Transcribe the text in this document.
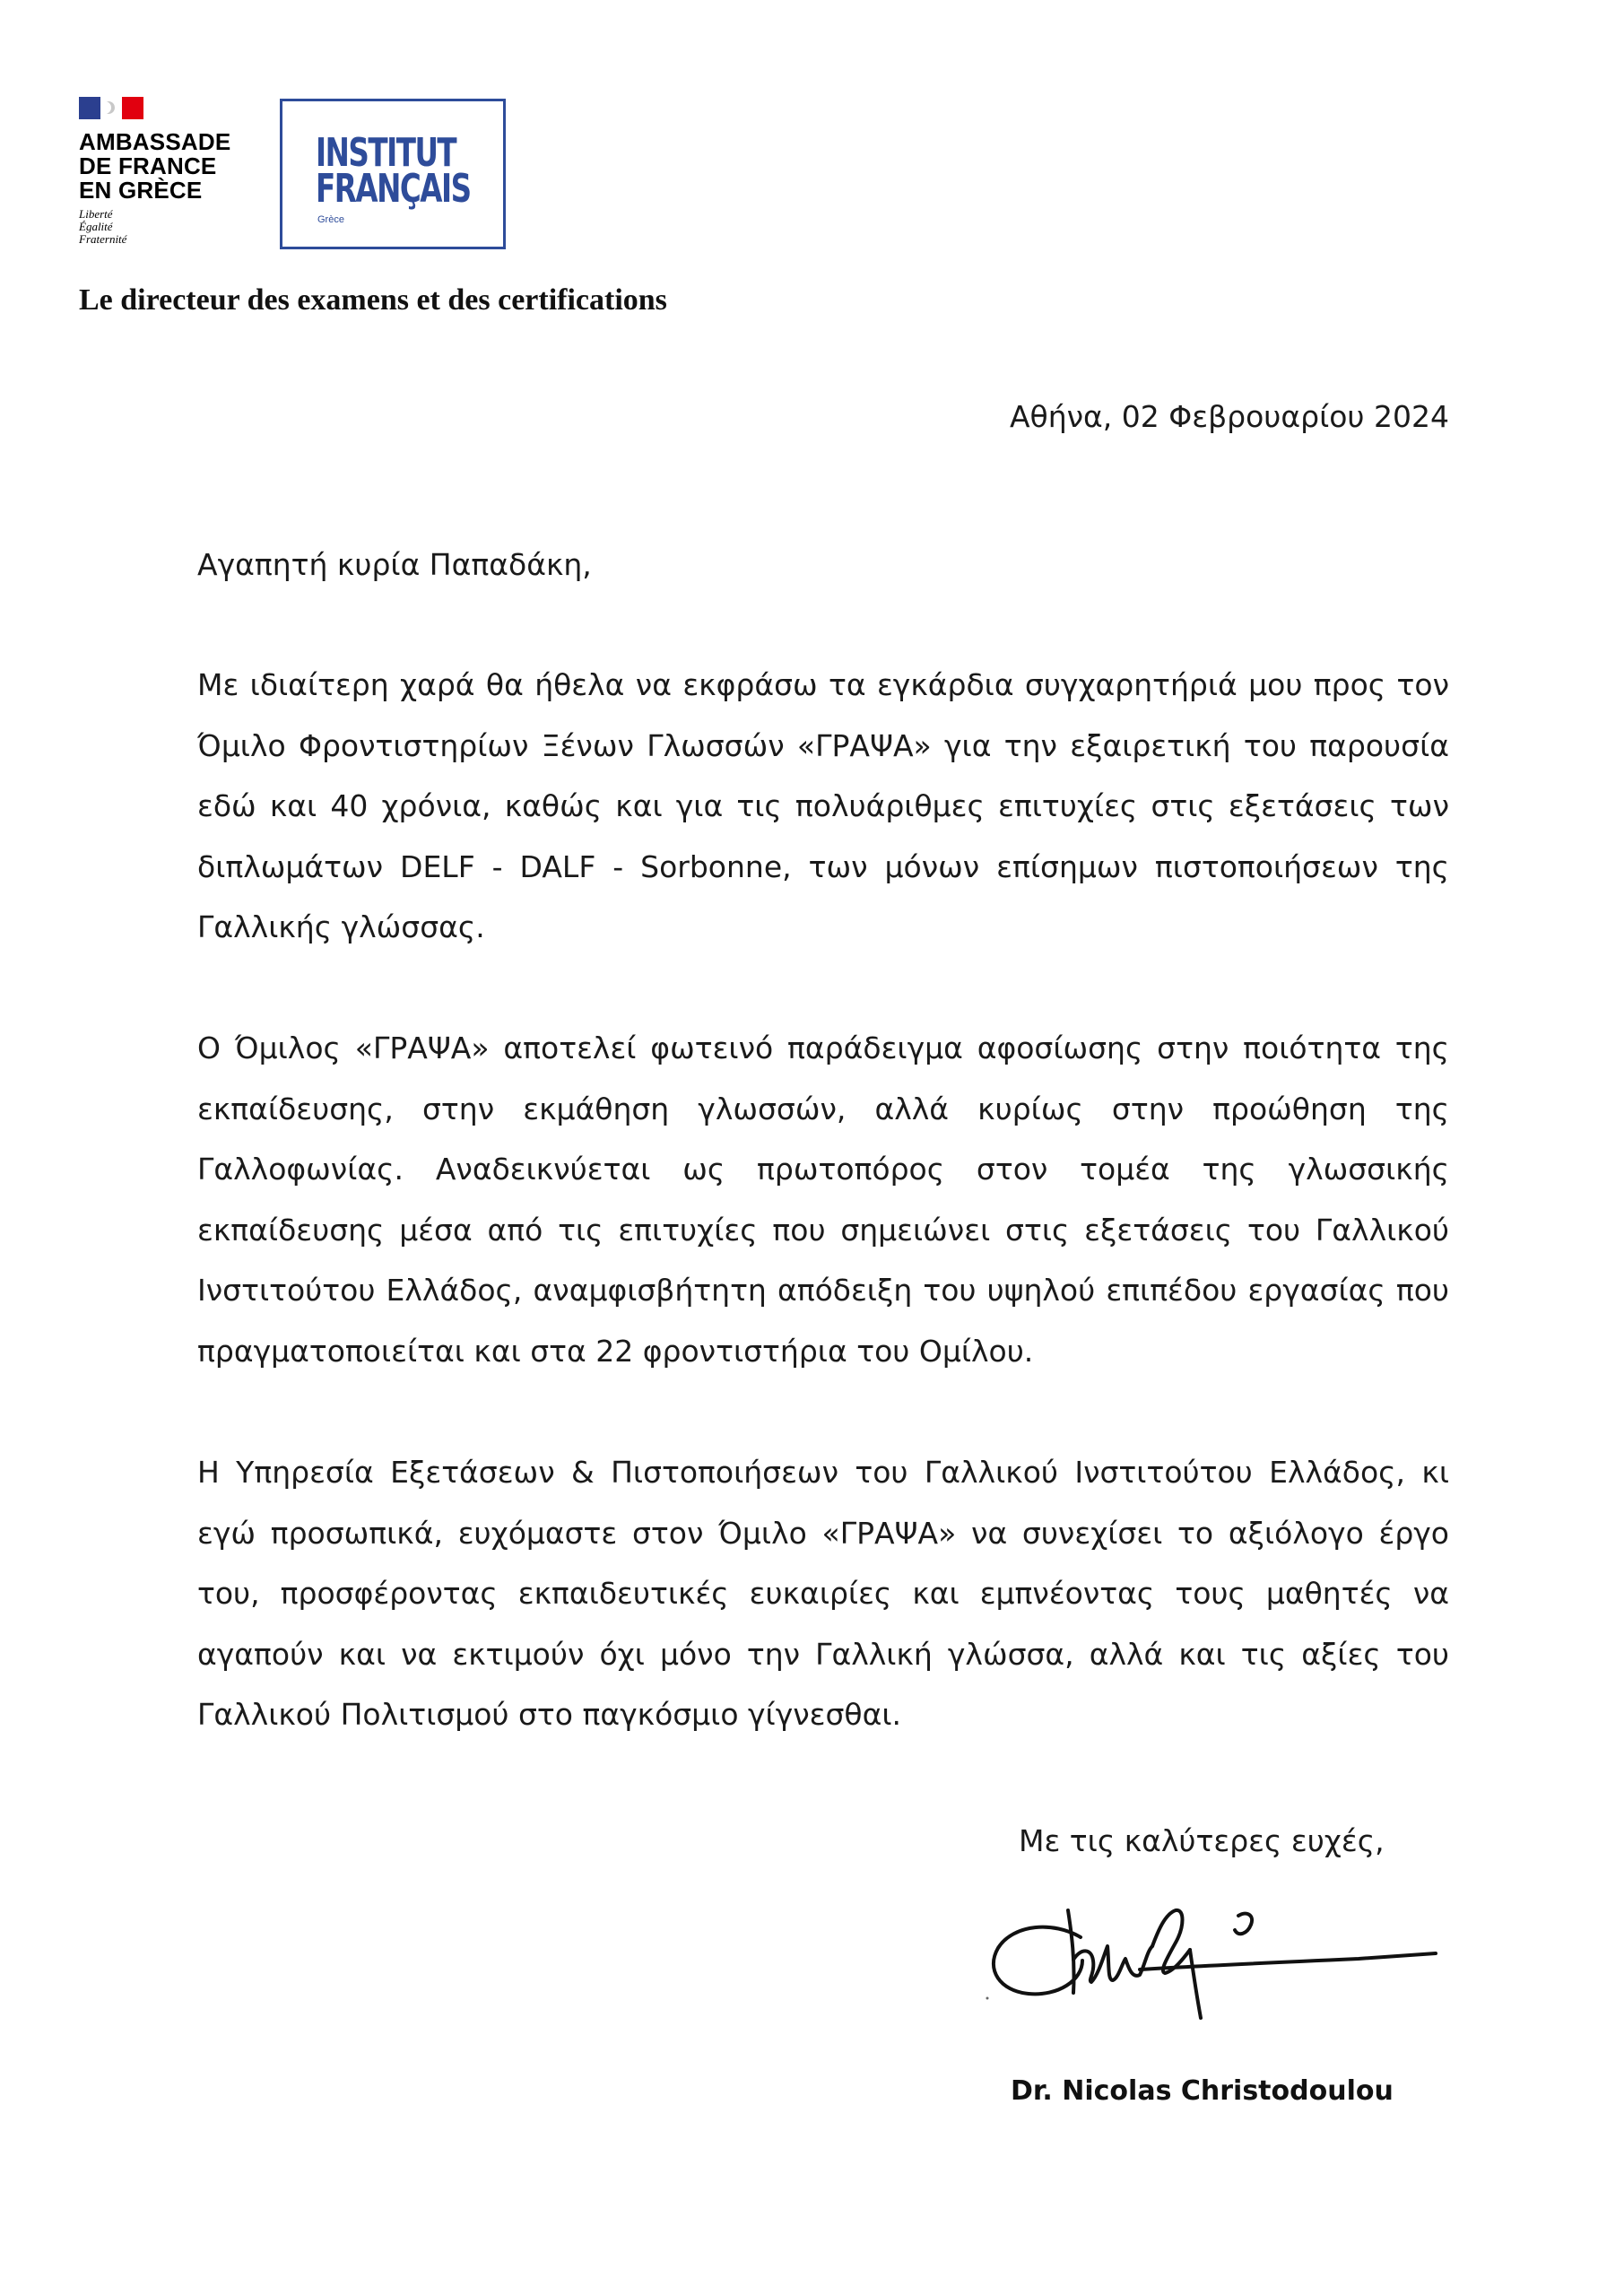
AMBASSADE
DE FRANCE
EN GRÈCE
Liberté
Égalité
Fraternité
INSTITUT
FRANÇAIS
Grèce
Le directeur des examens et des certifications
Αθήνα, 02 Φεβρουαρίου 2024
Αγαπητή κυρία Παπαδάκη,

Με ιδιαίτερη χαρά θα ήθελα να εκφράσω τα εγκάρδια συγχαρητήριά μου προς τον Όμιλο Φροντιστηρίων Ξένων Γλωσσών «ΓΡΑΨΑ» για την εξαιρετική του παρουσία εδώ και 40 χρόνια, καθώς και για τις πολυάριθμες επιτυχίες στις εξετάσεις των διπλωμάτων DELF - DALF - Sorbonne, των μόνων επίσημων πιστοποιήσεων της Γαλλικής γλώσσας.

Ο Όμιλος «ΓΡΑΨΑ» αποτελεί φωτεινό παράδειγμα αφοσίωσης στην ποιότητα της εκπαίδευσης, στην εκμάθηση γλωσσών, αλλά κυρίως στην προώθηση της Γαλλοφωνίας. Αναδεικνύεται ως πρωτοπόρος στον τομέα της γλωσσικής εκπαίδευσης μέσα από τις επιτυχίες που σημειώνει στις εξετάσεις του Γαλλικού Ινστιτούτου Ελλάδος, αναμφισβήτητη απόδειξη του υψηλού επιπέδου εργασίας που πραγματοποιείται και στα 22 φροντιστήρια του Ομίλου.

Η Υπηρεσία Εξετάσεων & Πιστοποιήσεων του Γαλλικού Ινστιτούτου Ελλάδος, κι εγώ προσωπικά, ευχόμαστε στον Όμιλο «ΓΡΑΨΑ» να συνεχίσει το αξιόλογο έργο του, προσφέροντας εκπαιδευτικές ευκαιρίες και εμπνέοντας τους μαθητές να αγαπούν και να εκτιμούν όχι μόνο την Γαλλική γλώσσα, αλλά και τις αξίες του Γαλλικού Πολιτισμού στο παγκόσμιο γίγνεσθαι.

Με τις καλύτερες ευχές,
Dr. Nicolas Christodoulou
